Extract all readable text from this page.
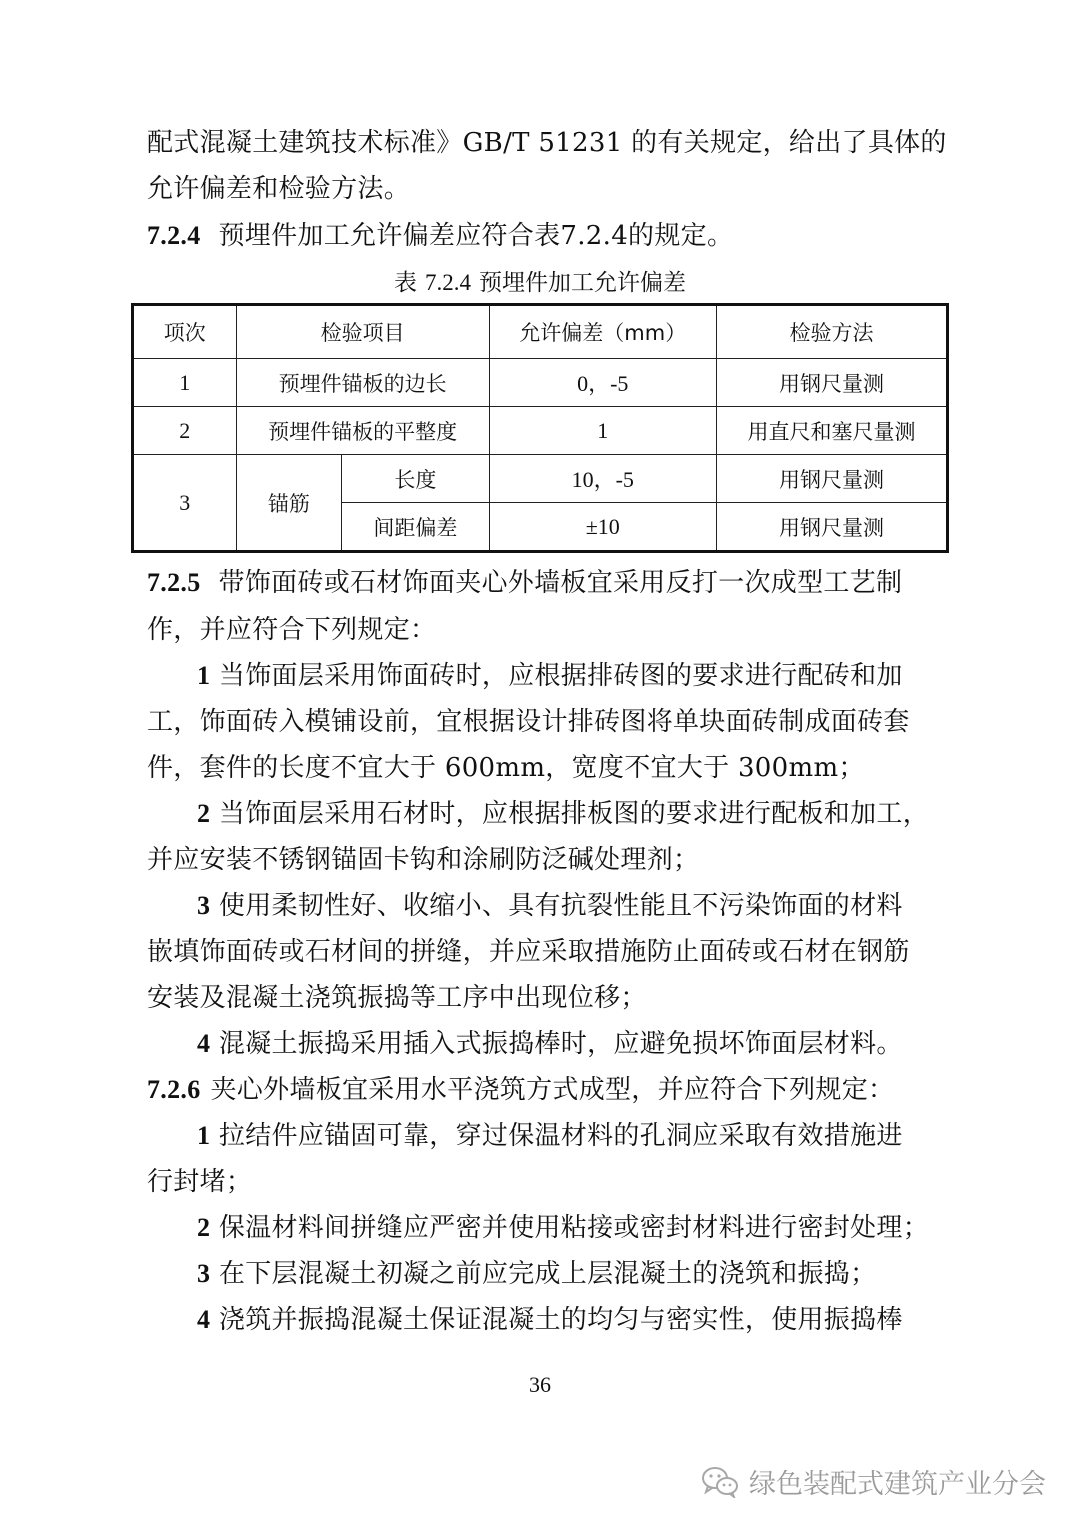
配式混凝土建筑技术标准》GB/T 51231 的有关规定，给出了具体的
允许偏差和检验方法。
7.2.4 预埋件加工允许偏差应符合表7.2.4的规定。
表 7.2.4 预埋件加工允许偏差
项次	检验项目		允许偏差（mm）	检验方法
1	预埋件锚板的边长		0，-5	用钢尺量测
2	预埋件锚板的平整度		1	用直尺和塞尺量测
3	锚筋	长度	10，-5	用钢尺量测
		间距偏差	±10	用钢尺量测
7.2.5 带饰面砖或石材饰面夹心外墙板宜采用反打一次成型工艺制
作，并应符合下列规定：
1 当饰面层采用饰面砖时，应根据排砖图的要求进行配砖和加
工，饰面砖入模铺设前，宜根据设计排砖图将单块面砖制成面砖套
件，套件的长度不宜大于 600mm，宽度不宜大于 300mm；
2 当饰面层采用石材时，应根据排板图的要求进行配板和加工，
并应安装不锈钢锚固卡钩和涂刷防泛碱处理剂；
3 使用柔韧性好、收缩小、具有抗裂性能且不污染饰面的材料
嵌填饰面砖或石材间的拼缝，并应采取措施防止面砖或石材在钢筋
安装及混凝土浇筑振捣等工序中出现位移；
4 混凝土振捣采用插入式振捣棒时，应避免损坏饰面层材料。
7.2.6 夹心外墙板宜采用水平浇筑方式成型，并应符合下列规定：
1 拉结件应锚固可靠，穿过保温材料的孔洞应采取有效措施进
行封堵；
2 保温材料间拼缝应严密并使用粘接或密封材料进行密封处理；
3 在下层混凝土初凝之前应完成上层混凝土的浇筑和振捣；
4 浇筑并振捣混凝土保证混凝土的均匀与密实性，使用振捣棒
36
绿色装配式建筑产业分会
